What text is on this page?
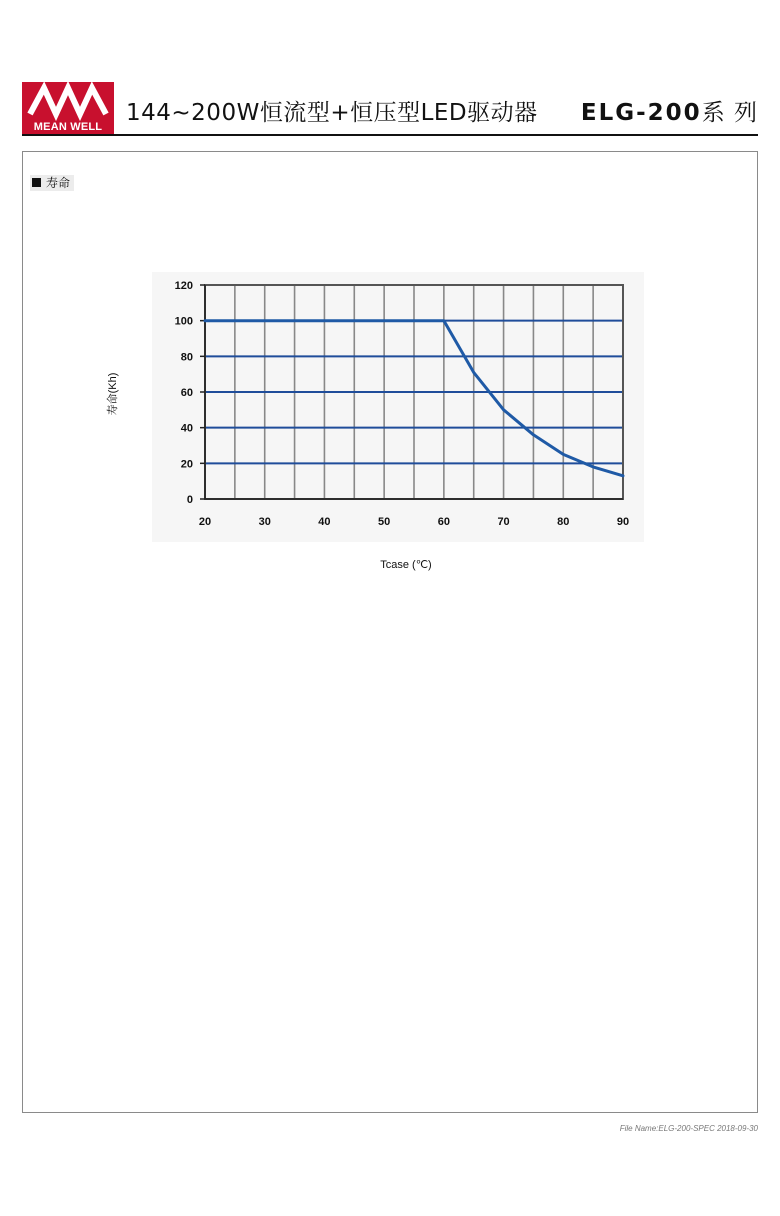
MEAN WELL
144~200W恒流型+恒压型LED驱动器 ELG-200系 列
寿命
0
20
40
60
80
100
120
20	30	40	50	60	70	80	90
Tcase (℃)
寿命(Kh)
File Name:ELG-200-SPEC 2018-09-30
